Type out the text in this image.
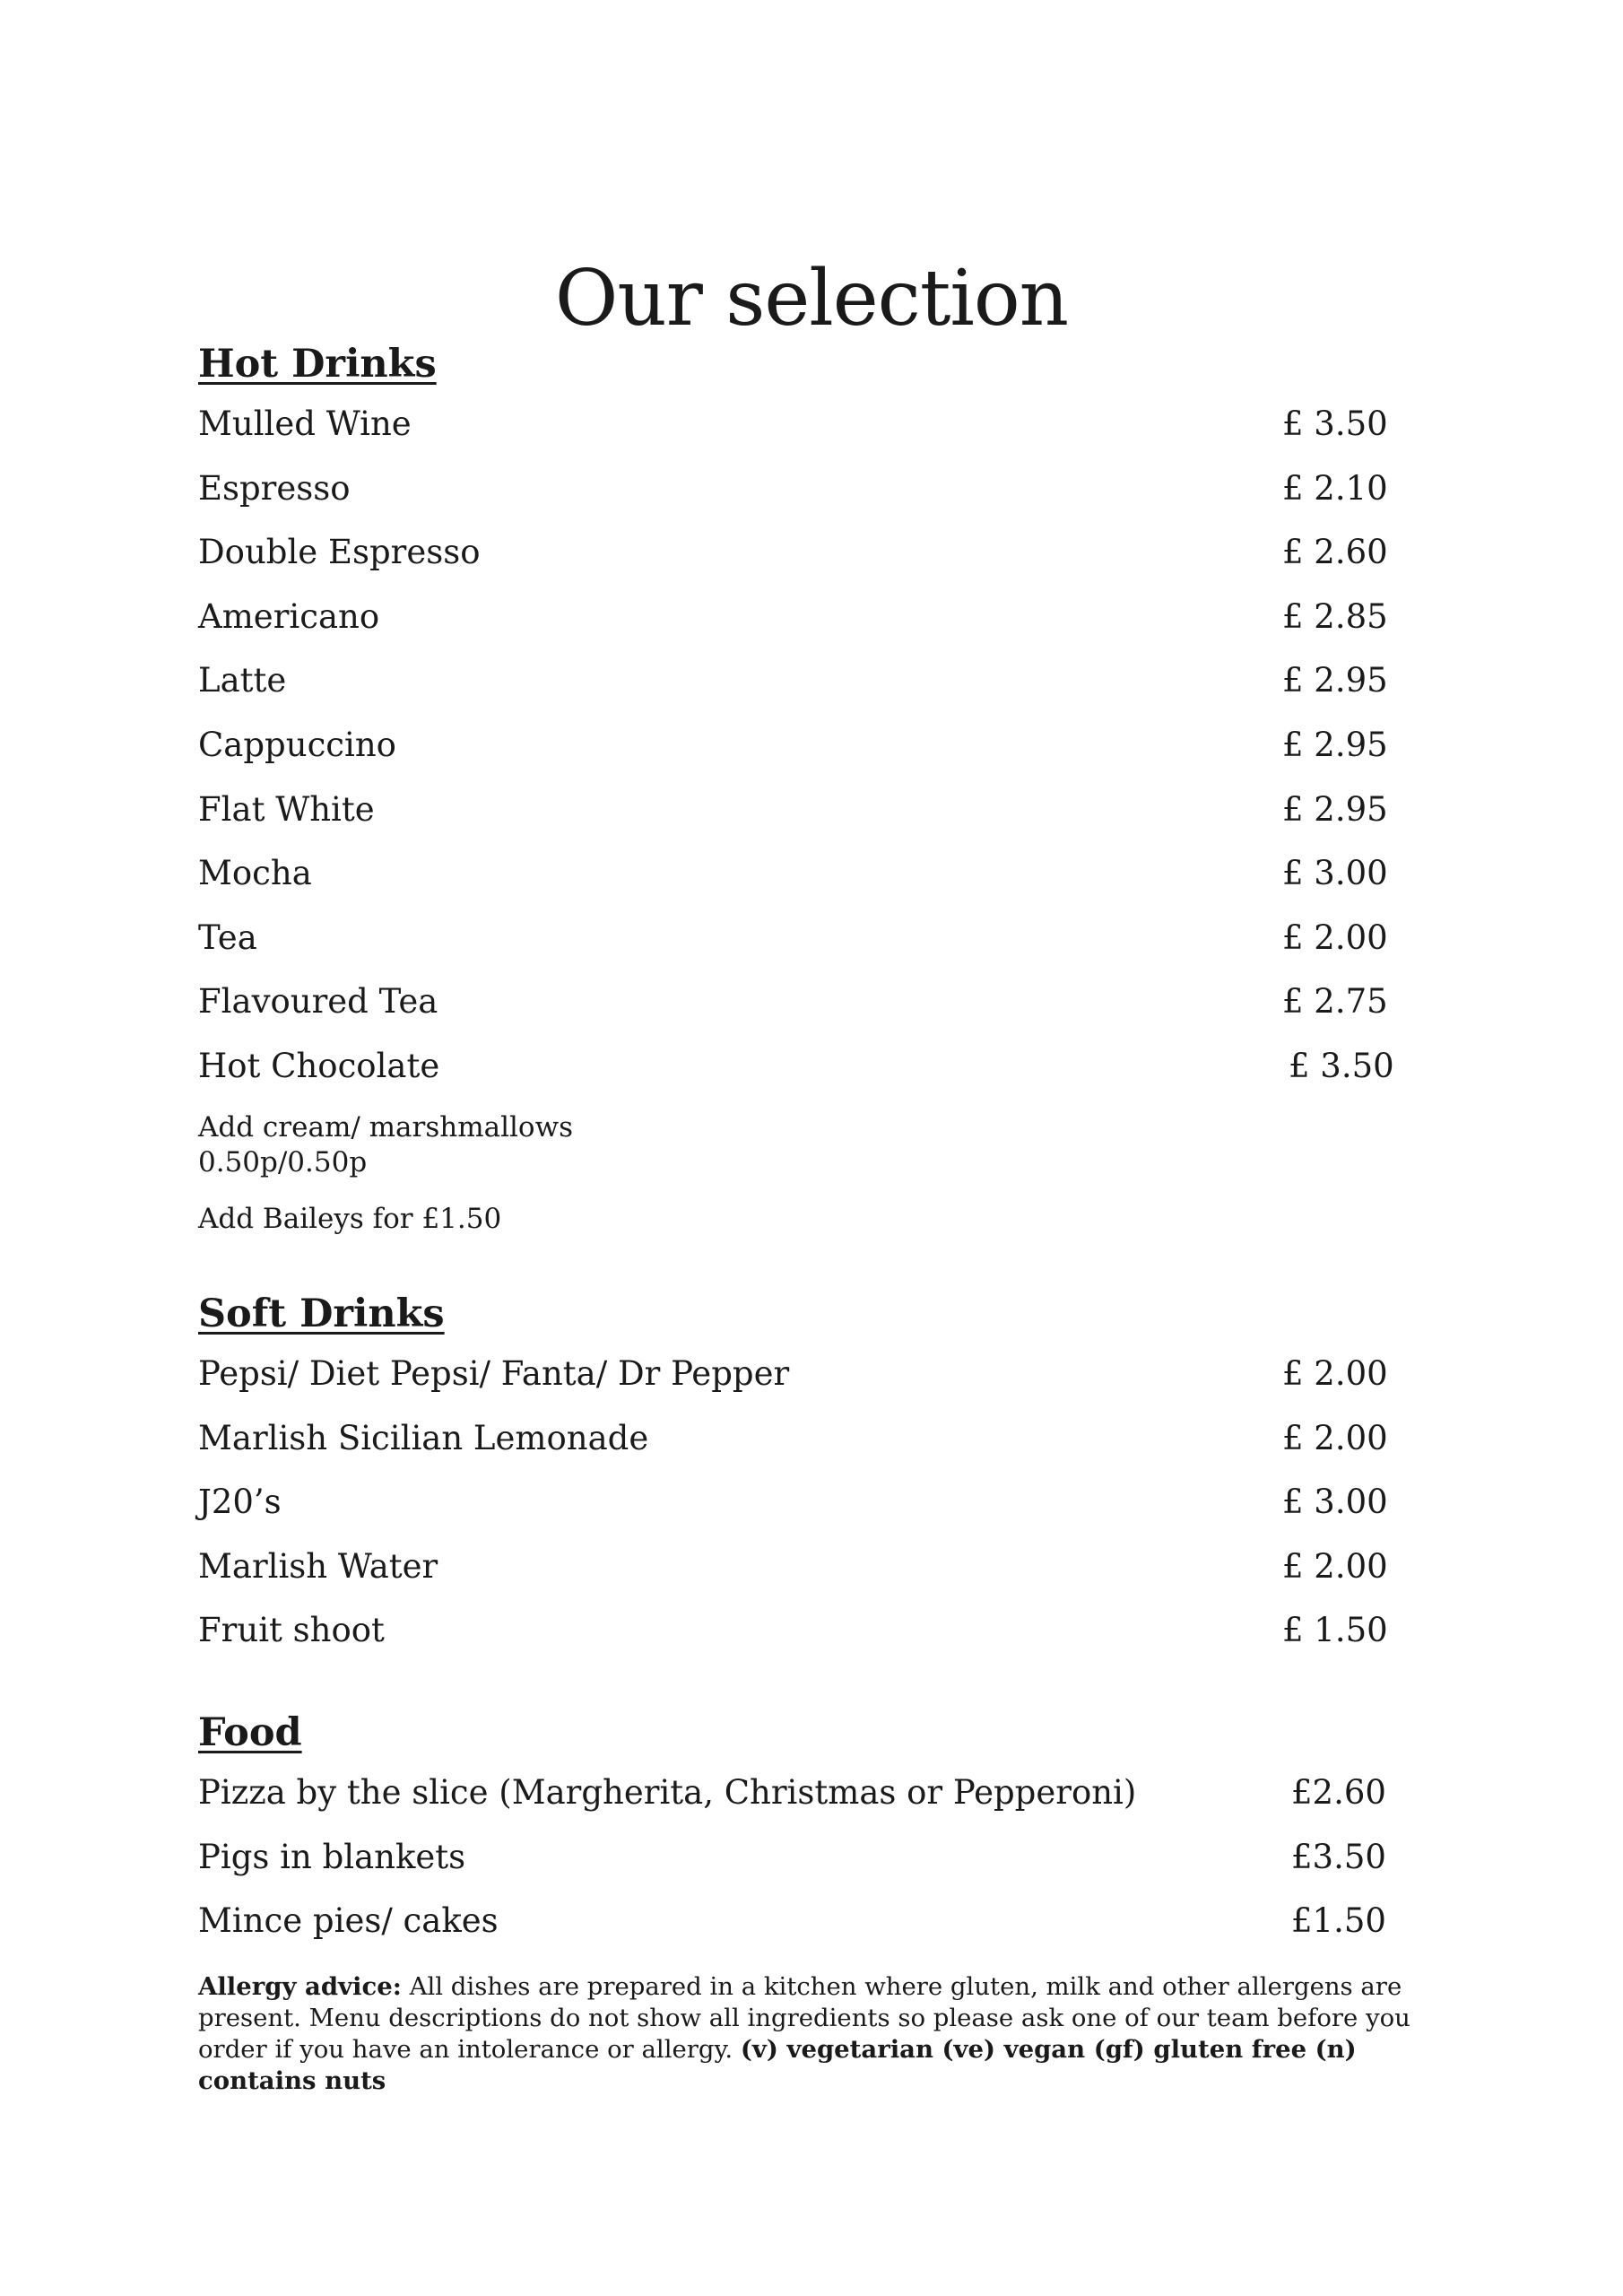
Our selection
Hot Drinks
Mulled Wine	£ 3.50
Espresso	£ 2.10
Double Espresso	£ 2.60
Americano	£ 2.85
Latte	£ 2.95
Cappuccino	£ 2.95
Flat White	£ 2.95
Mocha	£ 3.00
Tea	£ 2.00
Flavoured Tea	£ 2.75
Hot Chocolate	£ 3.50
Add cream/ marshmallows
0.50p/0.50p
Add Baileys for £1.50
Soft Drinks
Pepsi/ Diet Pepsi/ Fanta/ Dr Pepper	£ 2.00
Marlish Sicilian Lemonade	£ 2.00
J20’s	£ 3.00
Marlish Water	£ 2.00
Fruit shoot	£ 1.50
Food
Pizza by the slice (Margherita, Christmas or Pepperoni)	£2.60
Pigs in blankets	£3.50
Mince pies/ cakes	£1.50
Allergy advice: All dishes are prepared in a kitchen where gluten, milk and other allergens are present. Menu descriptions do not show all ingredients so please ask one of our team before you order if you have an intolerance or allergy. (v) vegetarian (ve) vegan (gf) gluten free (n) contains nuts
